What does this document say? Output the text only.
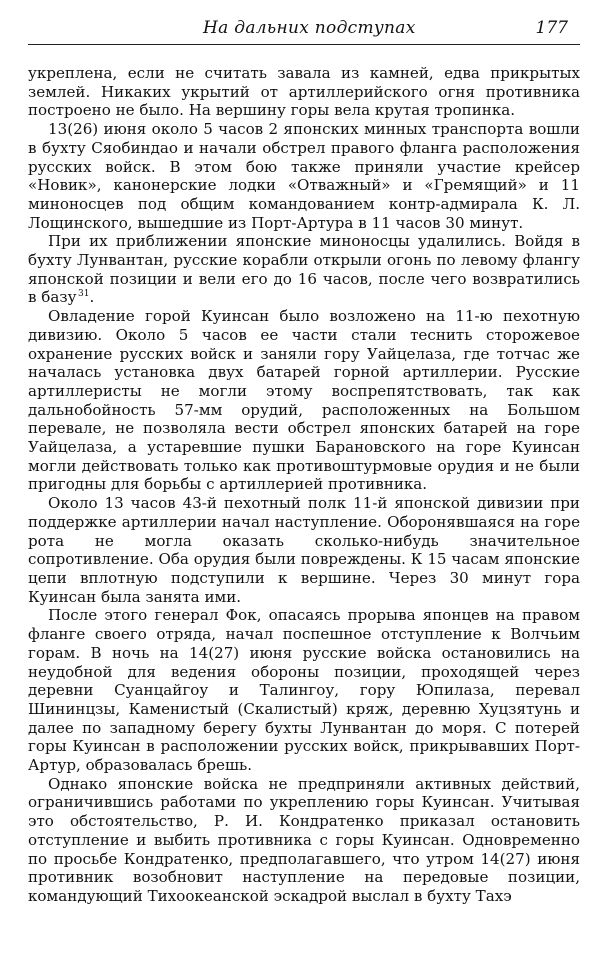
На дальних подступах	177

укреплена, если не считать завала из камней, едва прикрытых землей. Никаких укрытий от артиллерийского огня противника построено не было. На вершину горы вела крутая тропинка.

13(26) июня около 5 часов 2 японских минных транспорта вошли в бухту Сяобиндао и начали обстрел правого фланга расположения русских войск. В этом бою также приняли участие крейсер «Новик», канонерские лодки «Отважный» и «Гремящий» и 11 миноносцев под общим командованием контр-адмирала К. Л. Лощинского, вышедшие из Порт-Артура в 11 часов 30 минут.

При их приближении японские миноносцы удалились. Войдя в бухту Лунвантан, русские корабли открыли огонь по левому флангу японской позиции и вели его до 16 часов, после чего возвратились в базу  $^{31}$.

Овладение горой Куинсан было возложено на 11-ю пехотную дивизию. Около 5 часов ее части стали теснить сторожевое охранение русских войск и заняли гору Уайцелаза, где тотчас же началась установка двух батарей горной артиллерии. Русские артиллеристы не могли этому воспрепятствовать, так как дальнобойность 57-мм орудий, расположенных на Большом перевале, не позволяла вести обстрел японских батарей на горе Уайцелаза, а устаревшие пушки Барановского на горе Куинсан могли действовать только как противоштурмовые орудия и не были пригодны для борьбы с артиллерией противника.

Около 13 часов 43-й пехотный полк 11-й японской дивизии при поддержке артиллерии начал наступление. Оборонявшаяся на горе рота не могла оказать сколько-нибудь значительное сопротивление. Оба орудия были повреждены. К 15 часам японские цепи вплотную подступили к вершине. Через 30 минут гора Куинсан была занята ими.

После этого генерал Фок, опасаясь прорыва японцев на правом фланге своего отряда, начал поспешное отступление к Волчьим горам. В ночь на 14(27) июня русские войска остановились на неудобной для ведения обороны позиции, проходящей через деревни Суанцайгоу и Талингоу, гору Юпилаза, перевал Шининцзы, Каменистый (Скалистый) кряж, деревню Хуцзятунь и далее по западному берегу бухты Лунвантан до моря. С потерей горы Куинсан в расположении русских войск, прикрывавших Порт-Артур, образовалась брешь.

Однако японские войска не предприняли активных действий, ограничившись работами по укреплению горы Куинсан. Учитывая это обстоятельство, Р. И. Кондратенко приказал остановить отступление и выбить противника с горы Куинсан. Одновременно по просьбе Кондратенко, предполагавшего, что утром 14(27) июня противник возобновит наступление на передовые позиции, командующий Тихоокеанской эскадрой выслал в бухту Тахэ
